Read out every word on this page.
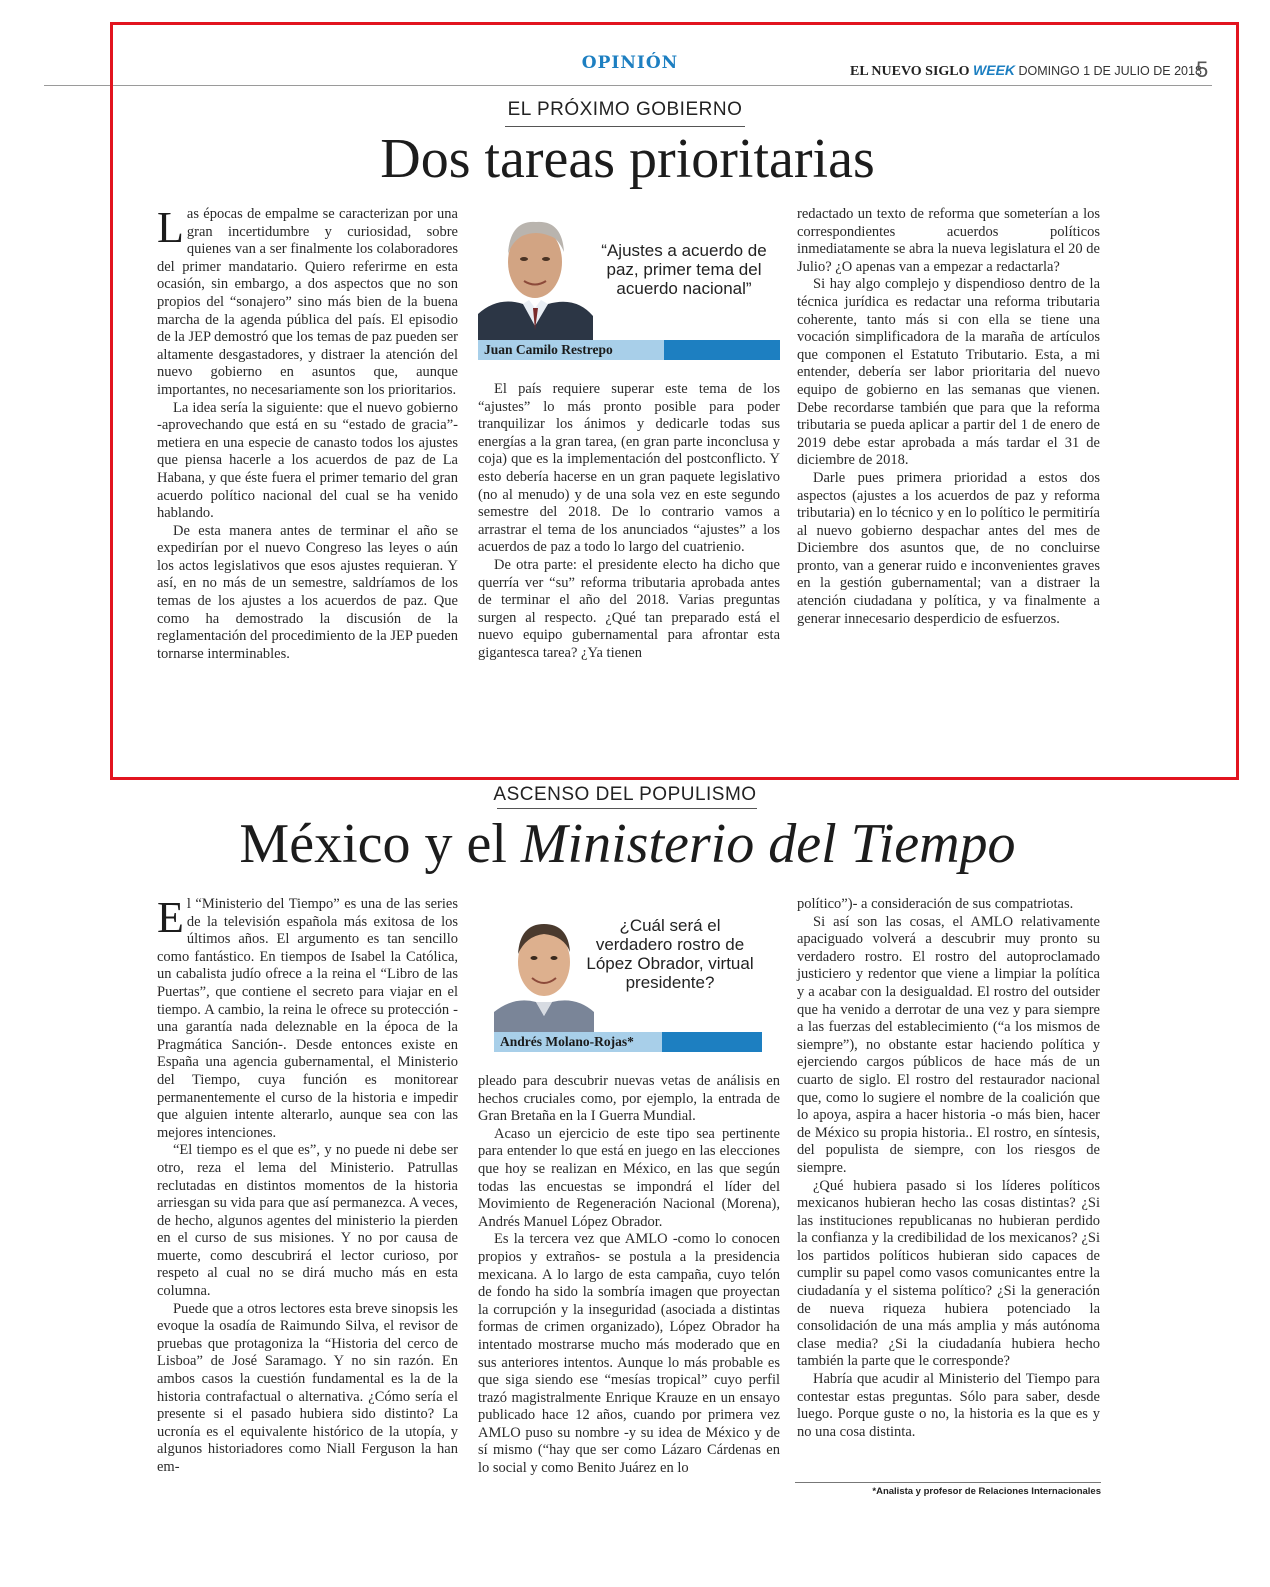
OPINIÓN	EL NUEVO SIGLO WEEK DOMINGO 1 DE JULIO DE 2018
5
EL PRÓXIMO GOBIERNO
Dos tareas prioritarias

Las épocas de empalme se caracterizan por una gran incertidumbre y curiosidad, sobre quienes van a ser finalmente los colaboradores del primer mandatario. Quiero referirme en esta ocasión, sin embargo, a dos aspectos que no son propios del “sonajero” sino más bien de la buena marcha de la agenda pública del país. El episodio de la JEP demostró que los temas de paz pueden ser altamente desgastadores, y distraer la atención del nuevo gobierno en asuntos que, aunque importantes, no necesariamente son los prioritarios.

La idea sería la siguiente: que el nuevo gobierno -aprovechando que está en su “estado de gracia”- metiera en una especie de canasto todos los ajustes que piensa hacerle a los acuerdos de paz de La Habana, y que éste fuera el primer temario del gran acuerdo político nacional del cual se ha venido hablando.

De esta manera antes de terminar el año se expedirían por el nuevo Congreso las leyes o aún los actos legislativos que esos ajustes requieran. Y así, en no más de un semestre, saldríamos de los temas de los ajustes a los acuerdos de paz. Que como ha demostrado la discusión de la reglamentación del procedimiento de la JEP pueden tornarse interminables.

“Ajustes a acuerdo de paz, primer tema del acuerdo nacional”
Juan Camilo Restrepo

El país requiere superar este tema de los “ajustes” lo más pronto posible para poder tranquilizar los ánimos y dedicarle todas sus energías a la gran tarea, (en gran parte inconclusa y coja) que es la implementación del postconflicto. Y esto debería hacerse en un gran paquete legislativo (no al menudo) y de una sola vez en este segundo semestre del 2018. De lo contrario vamos a arrastrar el tema de los anunciados “ajustes” a los acuerdos de paz a todo lo largo del cuatrienio.

De otra parte: el presidente electo ha dicho que querría ver “su” reforma tributaria aprobada antes de terminar el año del 2018. Varias preguntas surgen al respecto. ¿Qué tan preparado está el nuevo equipo gubernamental para afrontar esta gigantesca tarea? ¿Ya tienen

redactado un texto de reforma que someterían a los correspondientes acuerdos políticos inmediatamente se abra la nueva legislatura el 20 de Julio? ¿O apenas van a empezar a redactarla?

Si hay algo complejo y dispendioso dentro de la técnica jurídica es redactar una reforma tributaria coherente, tanto más si con ella se tiene una vocación simplificadora de la maraña de artículos que componen el Estatuto Tributario. Esta, a mi entender, debería ser labor prioritaria del nuevo equipo de gobierno en las semanas que vienen. Debe recordarse también que para que la reforma tributaria se pueda aplicar a partir del 1 de enero de 2019 debe estar aprobada a más tardar el 31 de diciembre de 2018.

Darle pues primera prioridad a estos dos aspectos (ajustes a los acuerdos de paz y reforma tributaria) en lo técnico y en lo político le permitiría al nuevo gobierno despachar antes del mes de Diciembre dos asuntos que, de no concluirse pronto, van a generar ruido e inconvenientes graves en la gestión gubernamental; van a distraer la atención ciudadana y política, y va finalmente a generar innecesario desperdicio de esfuerzos.

ASCENSO DEL POPULISMO
México y el Ministerio del Tiempo

El “Ministerio del Tiempo” es una de las series de la televisión española más exitosa de los últimos años. El argumento es tan sencillo como fantástico. En tiempos de Isabel la Católica, un cabalista judío ofrece a la reina el “Libro de las Puertas”, que contiene el secreto para viajar en el tiempo. A cambio, la reina le ofrece su protección -una garantía nada deleznable en la época de la Pragmática Sanción-. Desde entonces existe en España una agencia gubernamental, el Ministerio del Tiempo, cuya función es monitorear permanentemente el curso de la historia e impedir que alguien intente alterarlo, aunque sea con las mejores intenciones.

“El tiempo es el que es”, y no puede ni debe ser otro, reza el lema del Ministerio. Patrullas reclutadas en distintos momentos de la historia arriesgan su vida para que así permanezca. A veces, de hecho, algunos agentes del ministerio la pierden en el curso de sus misiones. Y no por causa de muerte, como descubrirá el lector curioso, por respeto al cual no se dirá mucho más en esta columna.

Puede que a otros lectores esta breve sinopsis les evoque la osadía de Raimundo Silva, el revisor de pruebas que protagoniza la “Historia del cerco de Lisboa” de José Saramago. Y no sin razón. En ambos casos la cuestión fundamental es la de la historia contrafactual o alternativa. ¿Cómo sería el presente si el pasado hubiera sido distinto? La ucronía es el equivalente histórico de la utopía, y algunos historiadores como Niall Ferguson la han em-

¿Cuál será el verdadero rostro de López Obrador, virtual presidente?
Andrés Molano-Rojas*

pleado para descubrir nuevas vetas de análisis en hechos cruciales como, por ejemplo, la entrada de Gran Bretaña en la I Guerra Mundial.

Acaso un ejercicio de este tipo sea pertinente para entender lo que está en juego en las elecciones que hoy se realizan en México, en las que según todas las encuestas se impondrá el líder del Movimiento de Regeneración Nacional (Morena), Andrés Manuel López Obrador.

Es la tercera vez que AMLO -como lo conocen propios y extraños- se postula a la presidencia mexicana. A lo largo de esta campaña, cuyo telón de fondo ha sido la sombría imagen que proyectan la corrupción y la inseguridad (asociada a distintas formas de crimen organizado), López Obrador ha intentado mostrarse mucho más moderado que en sus anteriores intentos. Aunque lo más probable es que siga siendo ese “mesías tropical” cuyo perfil trazó magistralmente Enrique Krauze en un ensayo publicado hace 12 años, cuando por primera vez AMLO puso su nombre -y su idea de México y de sí mismo (“hay que ser como Lázaro Cárdenas en lo social y como Benito Juárez en lo

político”)- a consideración de sus compatriotas.

Si así son las cosas, el AMLO relativamente apaciguado volverá a descubrir muy pronto su verdadero rostro. El rostro del autoproclamado justiciero y redentor que viene a limpiar la política y a acabar con la desigualdad. El rostro del outsider que ha venido a derrotar de una vez y para siempre a las fuerzas del establecimiento (“a los mismos de siempre”), no obstante estar haciendo política y ejerciendo cargos públicos de hace más de un cuarto de siglo. El rostro del restaurador nacional que, como lo sugiere el nombre de la coalición que lo apoya, aspira a hacer historia -o más bien, hacer de México su propia historia.. El rostro, en síntesis, del populista de siempre, con los riesgos de siempre.

¿Qué hubiera pasado si los líderes políticos mexicanos hubieran hecho las cosas distintas? ¿Si las instituciones republicanas no hubieran perdido la confianza y la credibilidad de los mexicanos? ¿Si los partidos políticos hubieran sido capaces de cumplir su papel como vasos comunicantes entre la ciudadanía y el sistema político? ¿Si la generación de nueva riqueza hubiera potenciado la consolidación de una más amplia y más autónoma clase media? ¿Si la ciudadanía hubiera hecho también la parte que le corresponde?

Habría que acudir al Ministerio del Tiempo para contestar estas preguntas. Sólo para saber, desde luego. Porque guste o no, la historia es la que es y no una cosa distinta.

*Analista y profesor de Relaciones Internacionales
